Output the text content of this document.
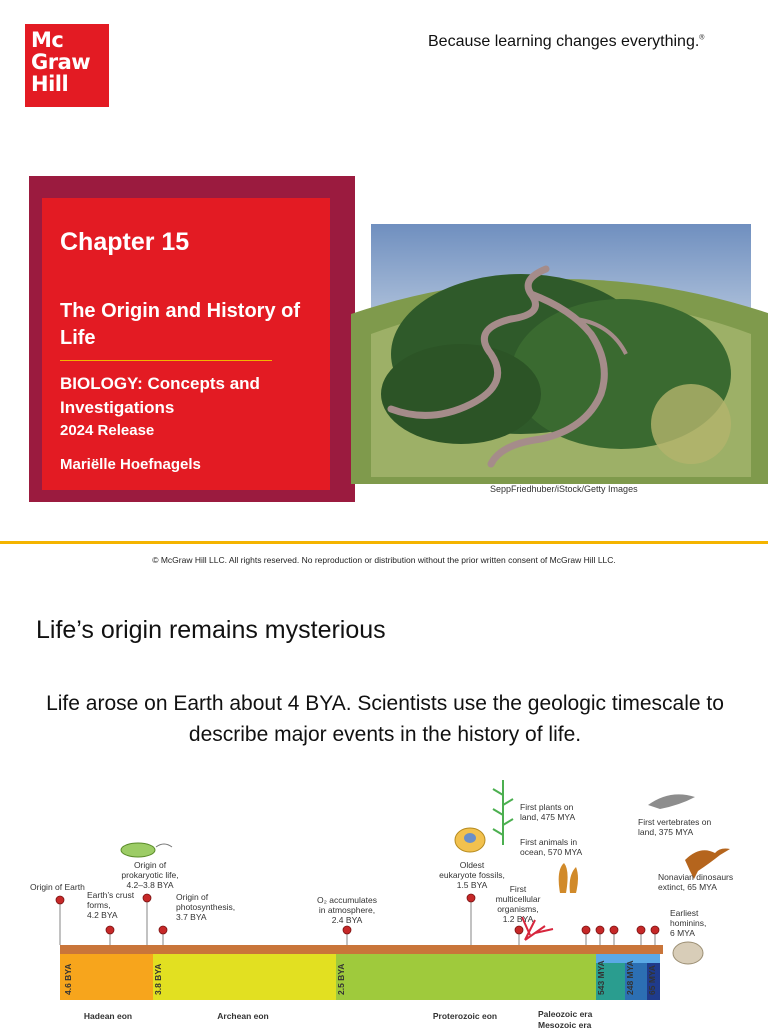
Mc
Graw
Hill
Because learning changes everything.®
Chapter 15
The Origin and History of Life
BIOLOGY: Concepts and Investigations
2024 Release
Mariëlle Hoefnagels
SeppFriedhuber/iStock/Getty Images
© McGraw Hill LLC. All rights reserved. No reproduction or distribution without the prior written consent of McGraw Hill LLC.
Life’s origin remains mysterious
Life arose on Earth about 4 BYA. Scientists use the geologic timescale to describe major events in the history of life.
Origin of Earth
Earth’s crust forms, 4.2 BYA
Origin of prokaryotic life, 4.2–3.8 BYA
Origin of photosynthesis, 3.7 BYA
O₂ accumulates in atmosphere, 2.4 BYA
Oldest eukaryote fossils, 1.5 BYA	First multicellular organisms, 1.2 BYA
First animals in ocean, 570 MYA
First plants on land, 475 MYA	First vertebrates on land, 375 MYA
Nonavian dinosaurs extinct, 65 MYA
Earliest hominins, 6 MYA
4.6 BYA	3.8 BYA	2.5 BYA	543 MYA 248 MYA 65 MYA
Hadean eon	Archean eon	Proterozoic eon	Paleozoic era
Mesozoic era
